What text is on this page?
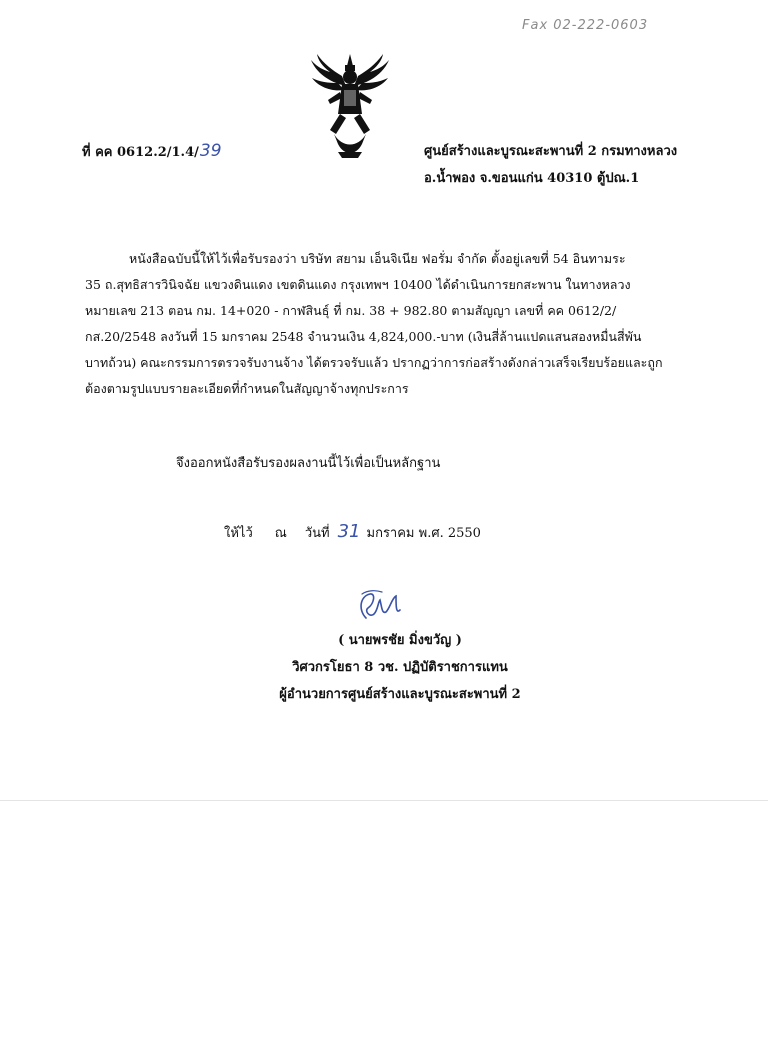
Fax 02-222-0603
ที่ คค 0612.2/1.4/39	ศูนย์สร้างและบูรณะสะพานที่ 2 กรมทางหลวง
อ.น้ำพอง จ.ขอนแก่น 40310 ตู้ปณ.1

หนังสือฉบับนี้ให้ไว้เพื่อรับรองว่า บริษัท สยาม เอ็นจิเนีย ฟอรั่ม จำกัด ตั้งอยู่เลขที่ 54 อินทามระ
35 ถ.สุทธิสารวินิจฉัย แขวงดินแดง เขตดินแดง กรุงเทพฯ 10400 ได้ดำเนินการยกสะพาน ในทางหลวง
หมายเลข 213 ตอน กม. 14+020 - กาฬสินธุ์ ที่ กม. 38 + 982.80 ตามสัญญา เลขที่ คค 0612/2/
กส.20/2548 ลงวันที่ 15 มกราคม 2548 จำนวนเงิน 4,824,000.-บาท (เงินสี่ล้านแปดแสนสองหมื่นสี่พัน
บาทถ้วน) คณะกรรมการตรวจรับงานจ้าง ได้ตรวจรับแล้ว ปรากฏว่าการก่อสร้างดังกล่าวเสร็จเรียบร้อยและถูก
ต้องตามรูปแบบรายละเอียดที่กำหนดในสัญญาจ้างทุกประการ

จึงออกหนังสือรับรองผลงานนี้ไว้เพื่อเป็นหลักฐาน
ให้ไว้ ณ วันที่ 31 มกราคม พ.ศ. 2550
( นายพรชัย มิ่งขวัญ )
วิศวกรโยธา 8 วช. ปฏิบัติราชการแทน
ผู้อำนวยการศูนย์สร้างและบูรณะสะพานที่ 2
